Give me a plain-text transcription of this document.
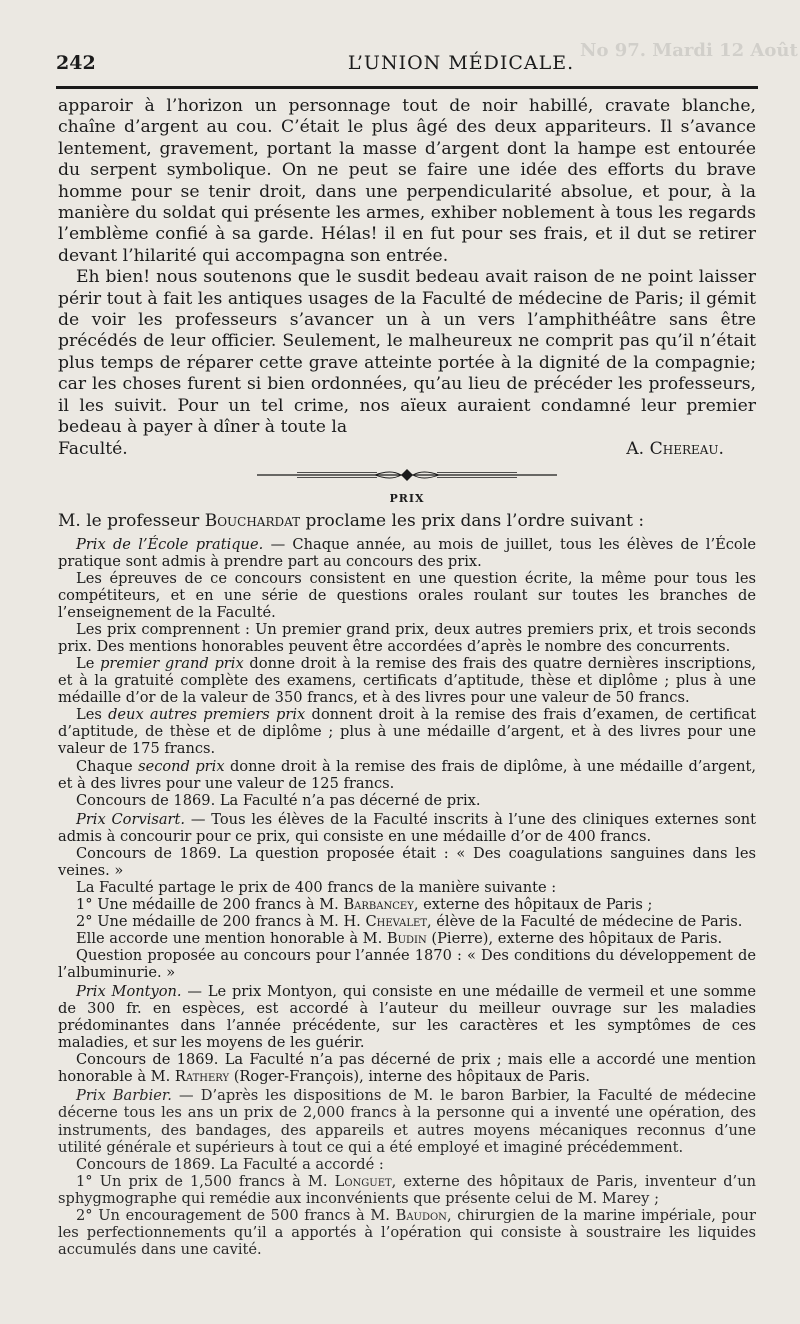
No 97. Mardi 12 Août
242	L’UNION MÉDICALE.

apparoir à l’horizon un personnage tout de noir habillé, cravate blanche, chaîne d’argent au cou. C’était le plus âgé des deux appariteurs. Il s’avance lentement, gravement, portant la masse d’argent dont la hampe est entourée du serpent symbolique. On ne peut se faire une idée des efforts du brave homme pour se tenir droit, dans une perpendicularité absolue, et pour, à la manière du soldat qui présente les armes, exhiber noblement à tous les regards l’emblème confié à sa garde. Hélas! il en fut pour ses frais, et il dut se retirer devant l’hilarité qui accompagna son entrée.

Eh bien! nous soutenons que le susdit bedeau avait raison de ne point laisser périr tout à fait les antiques usages de la Faculté de médecine de Paris; il gémit de voir les professeurs s’avancer un à un vers l’amphithéâtre sans être précédés de leur officier. Seulement, le malheureux ne comprit pas qu’il n’était plus temps de réparer cette grave atteinte portée à la dignité de la compagnie; car les choses furent si bien ordonnées, qu’au lieu de précéder les professeurs, il les suivit. Pour un tel crime, nos aïeux auraient condamné leur premier bedeau à payer à dîner à toute la

Faculté.	A. Chereau.

PRIX

M. le professeur Bouchardat proclame les prix dans l’ordre suivant :

Prix de l’École pratique. — Chaque année, au mois de juillet, tous les élèves de l’École pratique sont admis à prendre part au concours des prix.

Les épreuves de ce concours consistent en une question écrite, la même pour tous les compétiteurs, et en une série de questions orales roulant sur toutes les branches de l’enseignement de la Faculté.

Les prix comprennent : Un premier grand prix, deux autres premiers prix, et trois seconds prix. Des mentions honorables peuvent être accordées d’après le nombre des concurrents.

Le premier grand prix donne droit à la remise des frais des quatre dernières inscriptions, et à la gratuité complète des examens, certificats d’aptitude, thèse et diplôme ; plus à une médaille d’or de la valeur de 350 francs, et à des livres pour une valeur de 50 francs.

Les deux autres premiers prix donnent droit à la remise des frais d’examen, de certificat d’aptitude, de thèse et de diplôme ; plus à une médaille d’argent, et à des livres pour une valeur de 175 francs.

Chaque second prix donne droit à la remise des frais de diplôme, à une médaille d’argent, et à des livres pour une valeur de 125 francs.

Concours de 1869. La Faculté n’a pas décerné de prix.

Prix Corvisart. — Tous les élèves de la Faculté inscrits à l’une des cliniques externes sont admis à concourir pour ce prix, qui consiste en une médaille d’or de 400 francs.

Concours de 1869. La question proposée était : « Des coagulations sanguines dans les veines. »

La Faculté partage le prix de 400 francs de la manière suivante :

1° Une médaille de 200 francs à M. Barbancey, externe des hôpitaux de Paris ;

2° Une médaille de 200 francs à M. H. Chevalet, élève de la Faculté de médecine de Paris.

Elle accorde une mention honorable à M. Budin (Pierre), externe des hôpitaux de Paris.

Question proposée au concours pour l’année 1870 : « Des conditions du développement de l’albuminurie. »

Prix Montyon. — Le prix Montyon, qui consiste en une médaille de vermeil et une somme de 300 fr. en espèces, est accordé à l’auteur du meilleur ouvrage sur les maladies prédominantes dans l’année précédente, sur les caractères et les symptômes de ces maladies, et sur les moyens de les guérir.

Concours de 1869. La Faculté n’a pas décerné de prix ; mais elle a accordé une mention honorable à M. Rathery (Roger-François), interne des hôpitaux de Paris.

Prix Barbier. — D’après les dispositions de M. le baron Barbier, la Faculté de médecine décerne tous les ans un prix de 2,000 francs à la personne qui a inventé une opération, des instruments, des bandages, des appareils et autres moyens mécaniques reconnus d’une utilité générale et supérieurs à tout ce qui a été employé et imaginé précédemment.

Concours de 1869. La Faculté a accordé :

1° Un prix de 1,500 francs à M. Longuet, externe des hôpitaux de Paris, inventeur d’un sphygmographe qui remédie aux inconvénients que présente celui de M. Marey ;

2° Un encouragement de 500 francs à M. Baudon, chirurgien de la marine impériale, pour les perfectionnements qu’il a apportés à l’opération qui consiste à soustraire les liquides accumulés dans une cavité.
